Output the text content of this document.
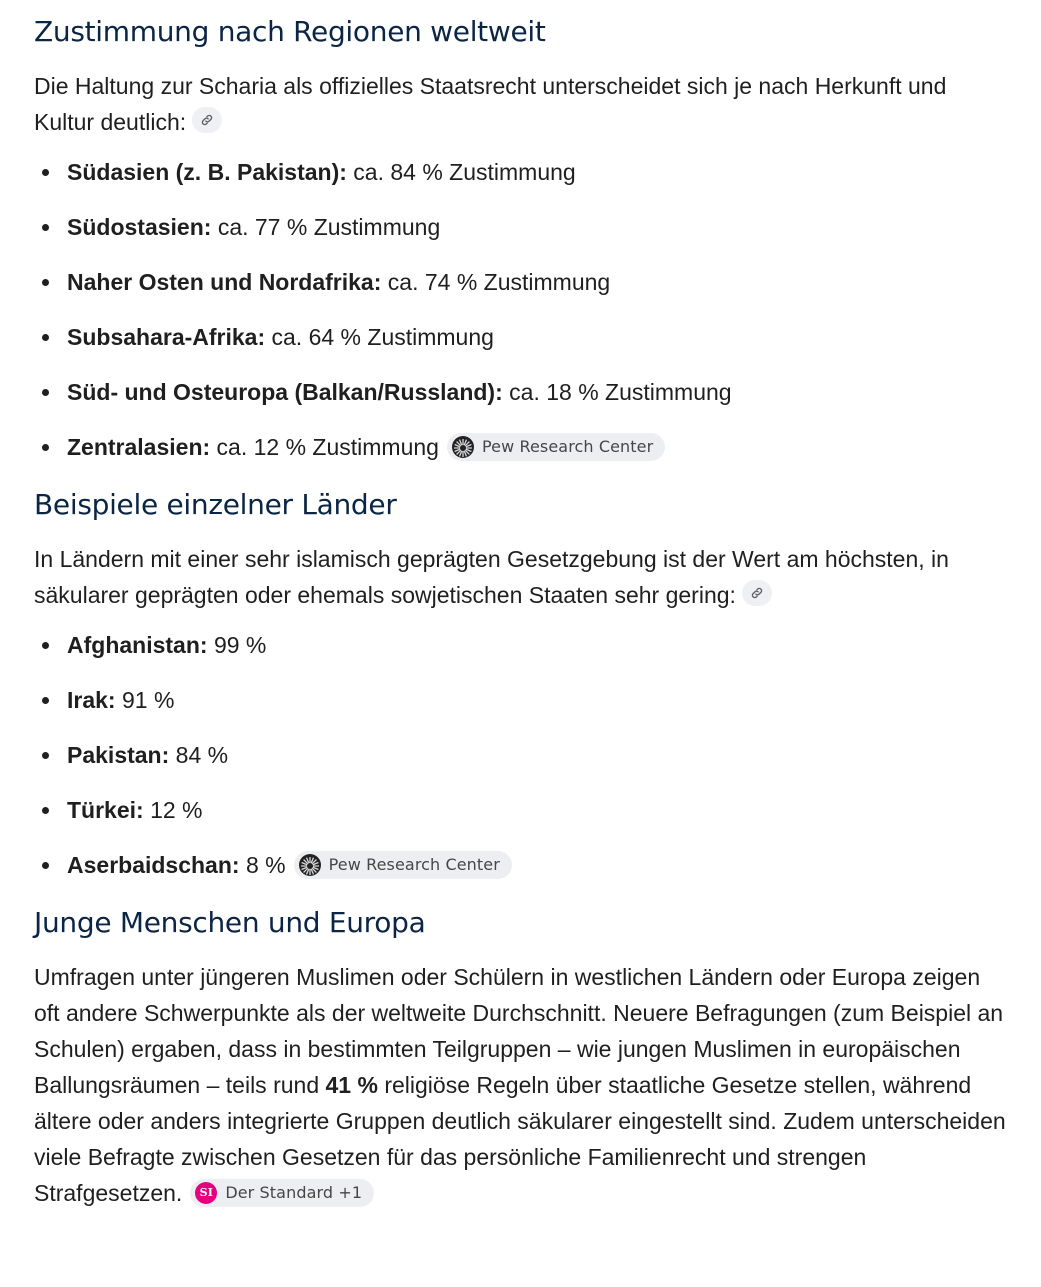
Zustimmung nach Regionen weltweit

Die Haltung zur Scharia als offizielles Staatsrecht unterscheidet sich je nach Herkunft und Kultur deutlich:

Südasien (z. B. Pakistan): ca. 84 % Zustimmung
Südostasien: ca. 77 % Zustimmung
Naher Osten und Nordafrika: ca. 74 % Zustimmung
Subsahara-Afrika: ca. 64 % Zustimmung
Süd- und Osteuropa (Balkan/Russland): ca. 18 % Zustimmung
Zentralasien: ca. 12 % Zustimmung	Pew Research Center
Beispiele einzelner Länder

In Ländern mit einer sehr islamisch geprägten Gesetzgebung ist der Wert am höchsten, in säkularer geprägten oder ehemals sowjetischen Staaten sehr gering:

Afghanistan: 99 %
Irak: 91 %
Pakistan: 84 %
Türkei: 12 %
Aserbaidschan: 8 %	Pew Research Center
Junge Menschen und Europa

Umfragen unter jüngeren Muslimen oder Schülern in westlichen Ländern oder Europa zeigen oft andere Schwerpunkte als der weltweite Durchschnitt. Neuere Befragungen (zum Beispiel an Schulen) ergaben, dass in bestimmten Teilgruppen – wie jungen Muslimen in europäischen Ballungsräumen – teils rund 41 % religiöse Regeln über staatliche Gesetze stellen, während ältere oder anders integrierte Gruppen deutlich säkularer eingestellt sind. Zudem unterscheiden viele Befragte zwischen Gesetzen für das persönliche Familienrecht und strengen Strafgesetzen.	SI Der Standard +1
